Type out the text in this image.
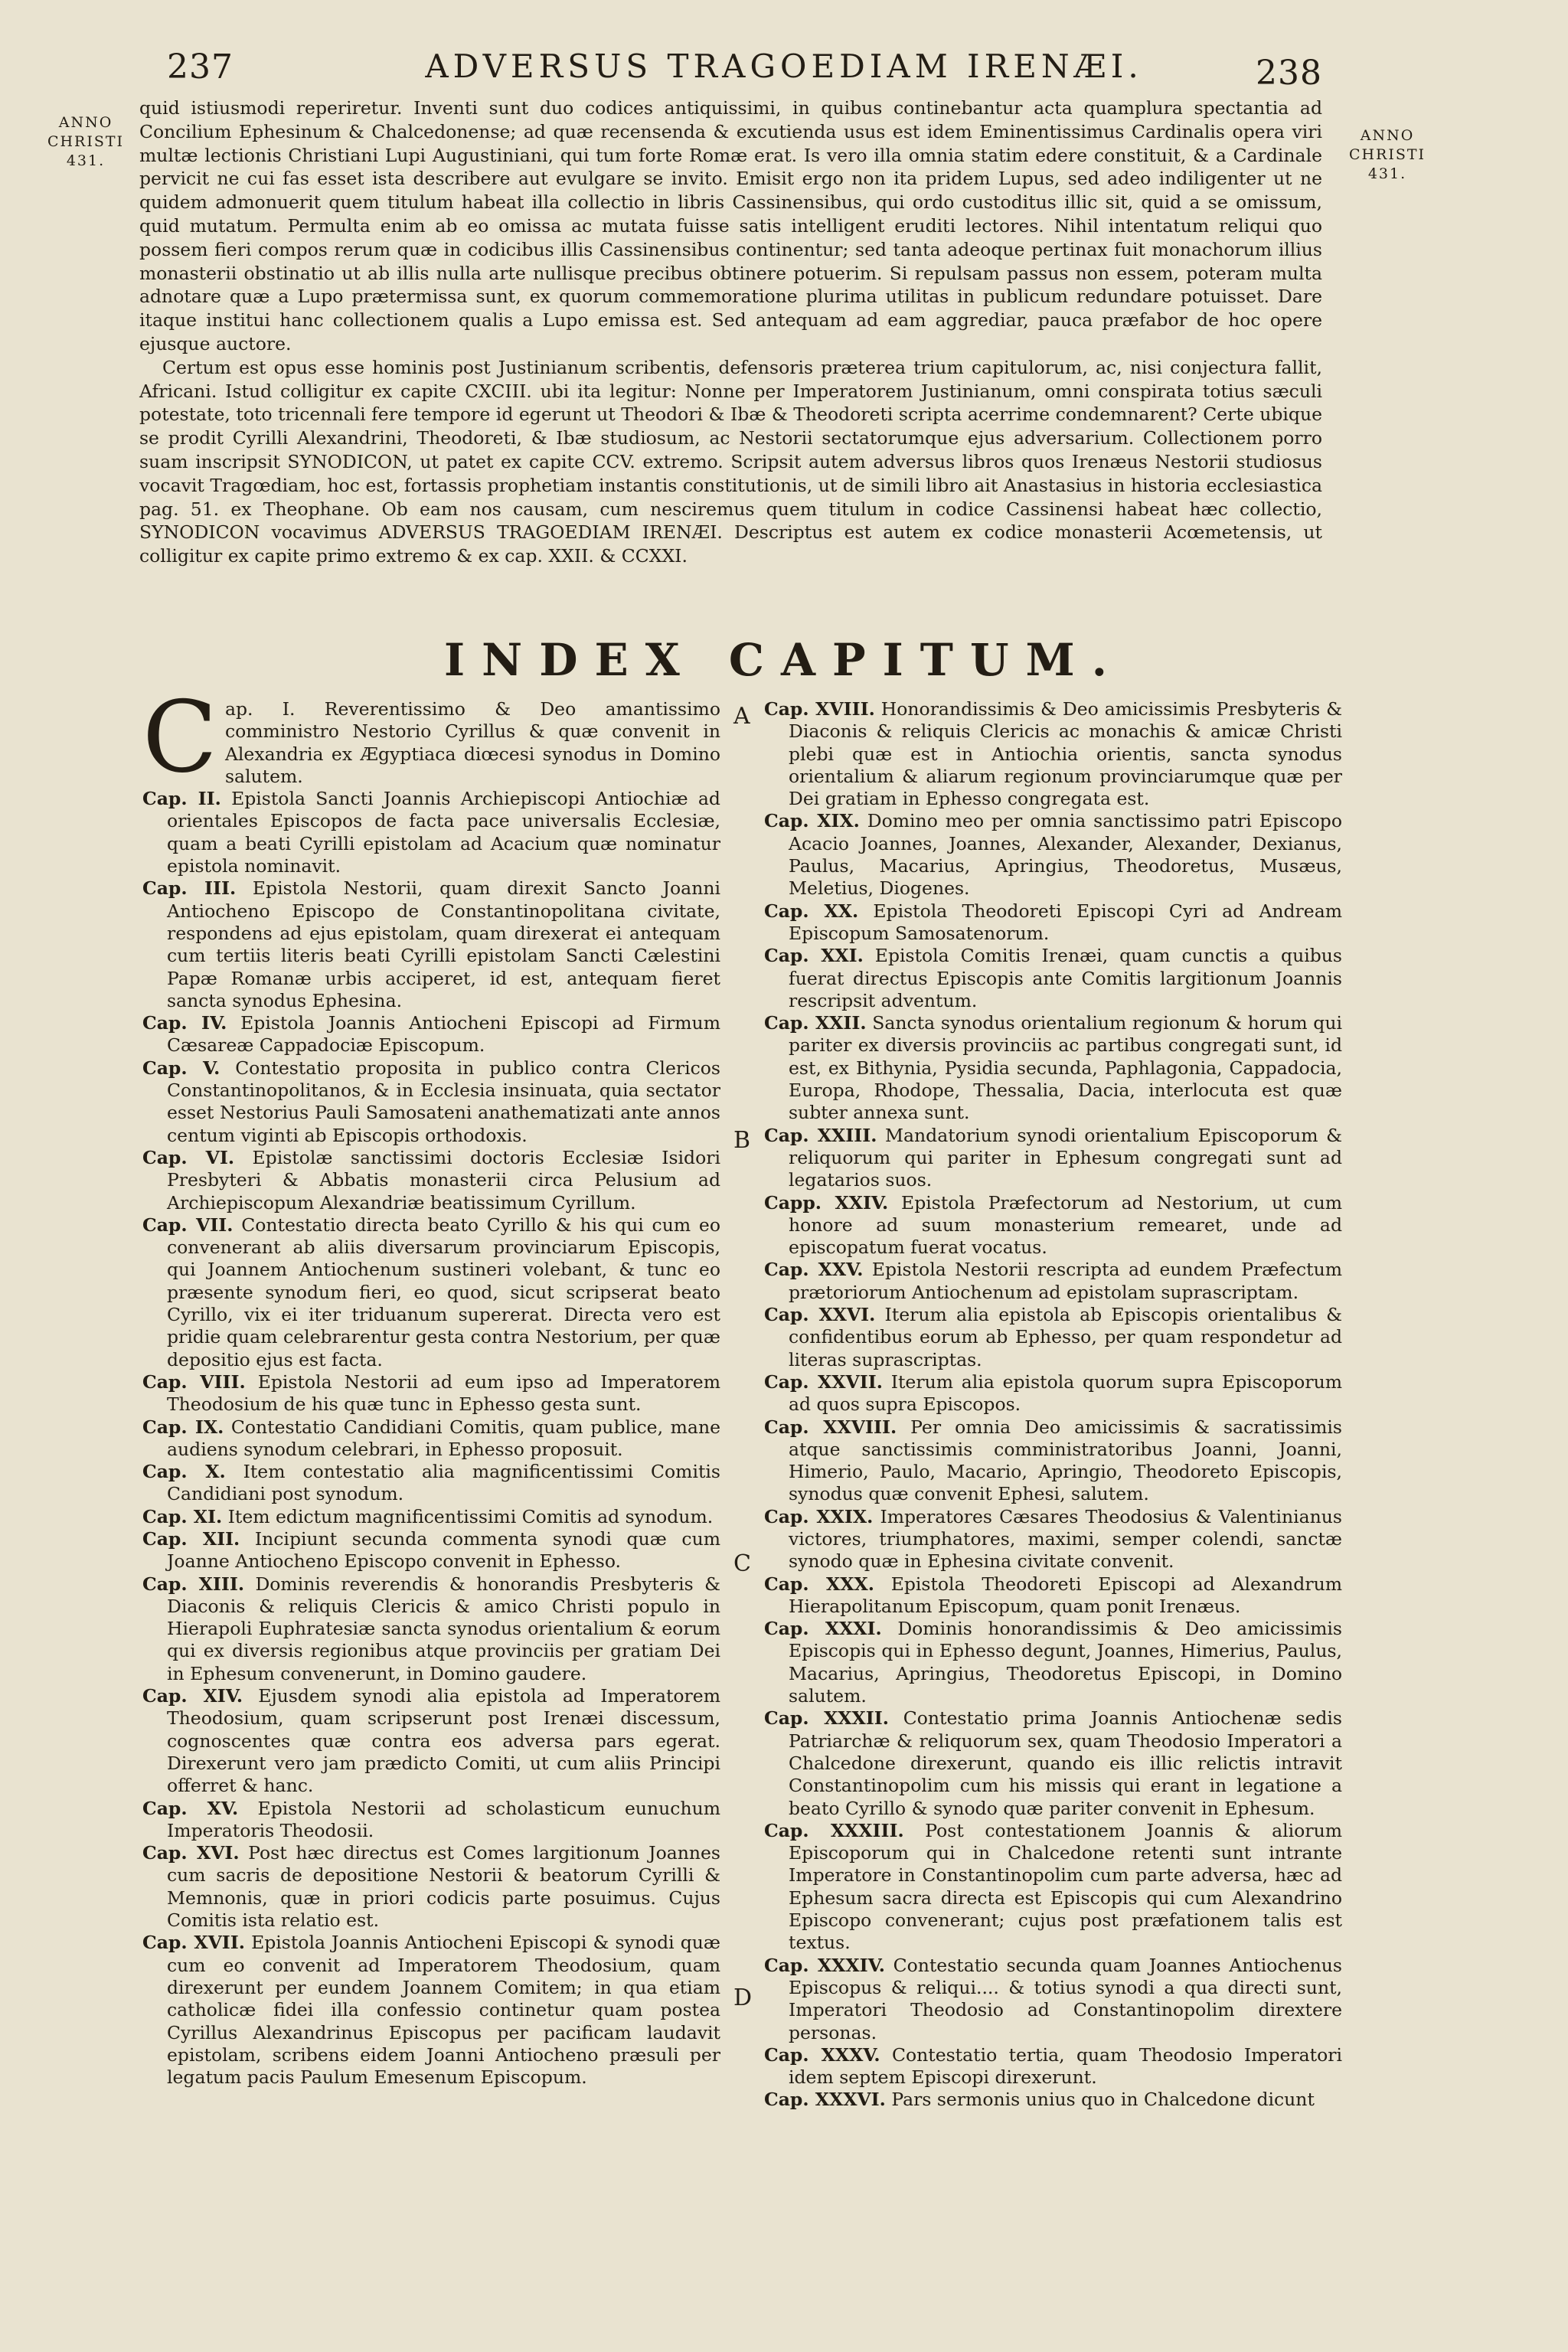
237	ADVERSUS TRAGOEDIAM IRENÆI.	238
ANNO CHRISTI 431.
ANNO CHRISTI 431.

quid istiusmodi reperiretur. Inventi sunt duo codices antiquissimi, in quibus continebantur acta quamplura spectantia ad Concilium Ephesinum & Chalcedonense; ad quæ recensenda & excutienda usus est idem Eminentissimus Cardinalis opera viri multæ lectionis Christiani Lupi Augustiniani, qui tum forte Romæ erat. Is vero illa omnia statim edere constituit, & a Cardinale pervicit ne cui fas esset ista describere aut evulgare se invito. Emisit ergo non ita pridem Lupus, sed adeo indiligenter ut ne quidem admonuerit quem titulum habeat illa collectio in libris Cassinensibus, qui ordo custoditus illic sit, quid a se omissum, quid mutatum. Permulta enim ab eo omissa ac mutata fuisse satis intelligent eruditi lectores. Nihil intentatum reliqui quo possem fieri compos rerum quæ in codicibus illis Cassinensibus continentur; sed tanta adeoque pertinax fuit monachorum illius monasterii obstinatio ut ab illis nulla arte nullisque precibus obtinere potuerim. Si repulsam passus non essem, poteram multa adnotare quæ a Lupo prætermissa sunt, ex quorum commemoratione plurima utilitas in publicum redundare potuisset. Dare itaque institui hanc collectionem qualis a Lupo emissa est. Sed antequam ad eam aggrediar, pauca præfabor de hoc opere ejusque auctore.

Certum est opus esse hominis post Justinianum scribentis, defensoris præterea trium capitulorum, ac, nisi conjectura fallit, Africani. Istud colligitur ex capite CXCIII. ubi ita legitur: Nonne per Imperatorem Justinianum, omni conspirata totius sæculi potestate, toto tricennali fere tempore id egerunt ut Theodori & Ibæ & Theodoreti scripta acerrime condemnarent? Certe ubique se prodit Cyrilli Alexandrini, Theodoreti, & Ibæ studiosum, ac Nestorii sectatorumque ejus adversarium. Collectionem porro suam inscripsit SYNODICON, ut patet ex capite CCV. extremo. Scripsit autem adversus libros quos Irenæus Nestorii studiosus vocavit Tragœdiam, hoc est, fortassis prophetiam instantis constitutionis, ut de simili libro ait Anastasius in historia ecclesiastica pag. 51. ex Theophane. Ob eam nos causam, cum nesciremus quem titulum in codice Cassinensi habeat hæc collectio, SYNODICON vocavimus ADVERSUS TRAGOEDIAM IRENÆI. Descriptus est autem ex codice monasterii Acœmetensis, ut colligitur ex capite primo extremo & ex cap. XXII. & CCXXI.

INDEX CAPITUM.
A
B
C
D

Cap. I. Reverentissimo & Deo amantissimo comministro Nestorio Cyrillus & quæ convenit in Alexandria ex Ægyptiaca diœcesi synodus in Domino salutem.

Cap. II. Epistola Sancti Joannis Archiepiscopi Antiochiæ ad orientales Episcopos de facta pace universalis Ecclesiæ, quam a beati Cyrilli epistolam ad Acacium quæ nominatur epistola nominavit.

Cap. III. Epistola Nestorii, quam direxit Sancto Joanni Antiocheno Episcopo de Constantinopolitana civitate, respondens ad ejus epistolam, quam direxerat ei antequam cum tertiis literis beati Cyrilli epistolam Sancti Cælestini Papæ Romanæ urbis acciperet, id est, antequam fieret sancta synodus Ephesina.

Cap. IV. Epistola Joannis Antiocheni Episcopi ad Firmum Cæsareæ Cappadociæ Episcopum.

Cap. V. Contestatio proposita in publico contra Clericos Constantinopolitanos, & in Ecclesia insinuata, quia sectator esset Nestorius Pauli Samosateni anathematizati ante annos centum viginti ab Episcopis orthodoxis.

Cap. VI. Epistolæ sanctissimi doctoris Ecclesiæ Isidori Presbyteri & Abbatis monasterii circa Pelusium ad Archiepiscopum Alexandriæ beatissimum Cyrillum.

Cap. VII. Contestatio directa beato Cyrillo & his qui cum eo convenerant ab aliis diversarum provinciarum Episcopis, qui Joannem Antiochenum sustineri volebant, & tunc eo præsente synodum fieri, eo quod, sicut scripserat beato Cyrillo, vix ei iter triduanum supererat. Directa vero est pridie quam celebrarentur gesta contra Nestorium, per quæ depositio ejus est facta.

Cap. VIII. Epistola Nestorii ad eum ipso ad Imperatorem Theodosium de his quæ tunc in Ephesso gesta sunt.

Cap. IX. Contestatio Candidiani Comitis, quam publice, mane audiens synodum celebrari, in Ephesso proposuit.

Cap. X. Item contestatio alia magnificentissimi Comitis Candidiani post synodum.

Cap. XI. Item edictum magnificentissimi Comitis ad synodum.

Cap. XII. Incipiunt secunda commenta synodi quæ cum Joanne Antiocheno Episcopo convenit in Ephesso.

Cap. XIII. Dominis reverendis & honorandis Presbyteris & Diaconis & reliquis Clericis & amico Christi populo in Hierapoli Euphratesiæ sancta synodus orientalium & eorum qui ex diversis regionibus atque provinciis per gratiam Dei in Ephesum convenerunt, in Domino gaudere.

Cap. XIV. Ejusdem synodi alia epistola ad Imperatorem Theodosium, quam scripserunt post Irenæi discessum, cognoscentes quæ contra eos adversa pars egerat. Direxerunt vero jam prædicto Comiti, ut cum aliis Principi offerret & hanc.

Cap. XV. Epistola Nestorii ad scholasticum eunuchum Imperatoris Theodosii.

Cap. XVI. Post hæc directus est Comes largitionum Joannes cum sacris de depositione Nestorii & beatorum Cyrilli & Memnonis, quæ in priori codicis parte posuimus. Cujus Comitis ista relatio est.

Cap. XVII. Epistola Joannis Antiocheni Episcopi & synodi quæ cum eo convenit ad Imperatorem Theodosium, quam direxerunt per eundem Joannem Comitem; in qua etiam catholicæ fidei illa confessio continetur quam postea Cyrillus Alexandrinus Episcopus per pacificam laudavit epistolam, scribens eidem Joanni Antiocheno præsuli per legatum pacis Paulum Emesenum Episcopum.

Cap. XVIII. Honorandissimis & Deo amicissimis Presbyteris & Diaconis & reliquis Clericis ac monachis & amicæ Christi plebi quæ est in Antiochia orientis, sancta synodus orientalium & aliarum regionum provinciarumque quæ per Dei gratiam in Ephesso congregata est.

Cap. XIX. Domino meo per omnia sanctissimo patri Episcopo Acacio Joannes, Joannes, Alexander, Alexander, Dexianus, Paulus, Macarius, Apringius, Theodoretus, Musæus, Meletius, Diogenes.

Cap. XX. Epistola Theodoreti Episcopi Cyri ad Andream Episcopum Samosatenorum.

Cap. XXI. Epistola Comitis Irenæi, quam cunctis a quibus fuerat directus Episcopis ante Comitis largitionum Joannis rescripsit adventum.

Cap. XXII. Sancta synodus orientalium regionum & horum qui pariter ex diversis provinciis ac partibus congregati sunt, id est, ex Bithynia, Pysidia secunda, Paphlagonia, Cappadocia, Europa, Rhodope, Thessalia, Dacia, interlocuta est quæ subter annexa sunt.

Cap. XXIII. Mandatorium synodi orientalium Episcoporum & reliquorum qui pariter in Ephesum congregati sunt ad legatarios suos.

Capp. XXIV. Epistola Præfectorum ad Nestorium, ut cum honore ad suum monasterium remearet, unde ad episcopatum fuerat vocatus.

Cap. XXV. Epistola Nestorii rescripta ad eundem Præfectum prætoriorum Antiochenum ad epistolam suprascriptam.

Cap. XXVI. Iterum alia epistola ab Episcopis orientalibus & confidentibus eorum ab Ephesso, per quam respondetur ad literas suprascriptas.

Cap. XXVII. Iterum alia epistola quorum supra Episcoporum ad quos supra Episcopos.

Cap. XXVIII. Per omnia Deo amicissimis & sacratissimis atque sanctissimis comministratoribus Joanni, Joanni, Himerio, Paulo, Macario, Apringio, Theodoreto Episcopis, synodus quæ convenit Ephesi, salutem.

Cap. XXIX. Imperatores Cæsares Theodosius & Valentinianus victores, triumphatores, maximi, semper colendi, sanctæ synodo quæ in Ephesina civitate convenit.

Cap. XXX. Epistola Theodoreti Episcopi ad Alexandrum Hierapolitanum Episcopum, quam ponit Irenæus.

Cap. XXXI. Dominis honorandissimis & Deo amicissimis Episcopis qui in Ephesso degunt, Joannes, Himerius, Paulus, Macarius, Apringius, Theodoretus Episcopi, in Domino salutem.

Cap. XXXII. Contestatio prima Joannis Antiochenæ sedis Patriarchæ & reliquorum sex, quam Theodosio Imperatori a Chalcedone direxerunt, quando eis illic relictis intravit Constantinopolim cum his missis qui erant in legatione a beato Cyrillo & synodo quæ pariter convenit in Ephesum.

Cap. XXXIII. Post contestationem Joannis & aliorum Episcoporum qui in Chalcedone retenti sunt intrante Imperatore in Constantinopolim cum parte adversa, hæc ad Ephesum sacra directa est Episcopis qui cum Alexandrino Episcopo convenerant; cujus post præfationem talis est textus.

Cap. XXXIV. Contestatio secunda quam Joannes Antiochenus Episcopus & reliqui.... & totius synodi a qua directi sunt, Imperatori Theodosio ad Constantinopolim dirextere personas.

Cap. XXXV. Contestatio tertia, quam Theodosio Imperatori idem septem Episcopi direxerunt.

Cap. XXXVI. Pars sermonis unius quo in Chalcedone dicunt
